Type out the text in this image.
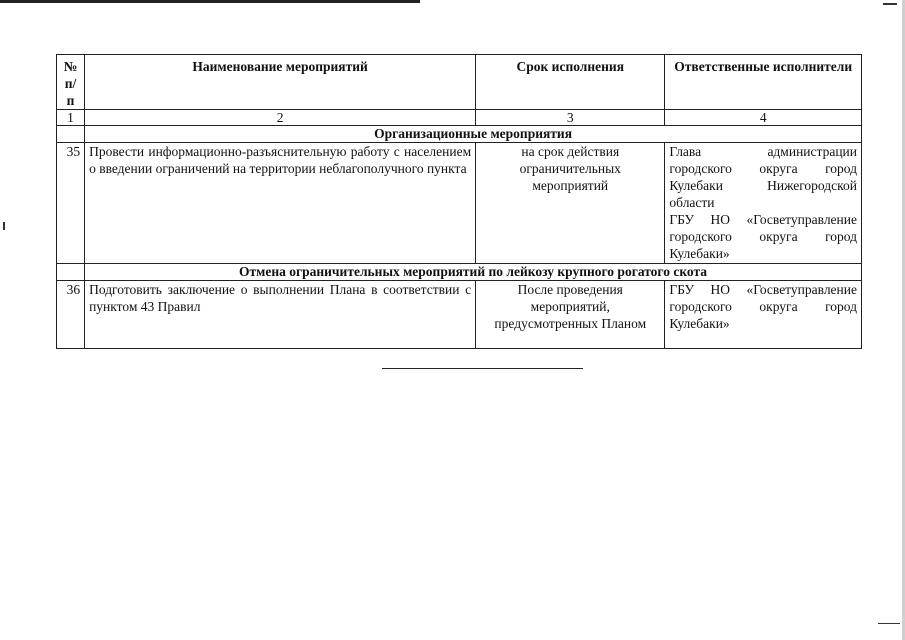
№ п/п	Наименование мероприятий	Срок исполнения	Ответственные исполнители
1	2	3	4
	Организационные мероприятия		
35	Провести информационно-разъяснительную работу с населением о введении ограничений на территории неблагополучного пункта	на срок действия ограничительных мероприятий	Глава администрации городского округа город Кулебаки Нижегородской области
ГБУ НО «Госветуправление городского округа город Кулебаки»

	Отмена ограничительных мероприятий по лейкозу крупного рогатого скота		
36	Подготовить заключение о выполнении Плана в соответствии с пунктом 43 Правил	После проведения мероприятий, предусмотренных Планом	ГБУ НО «Госветуправление городского округа город Кулебаки»
